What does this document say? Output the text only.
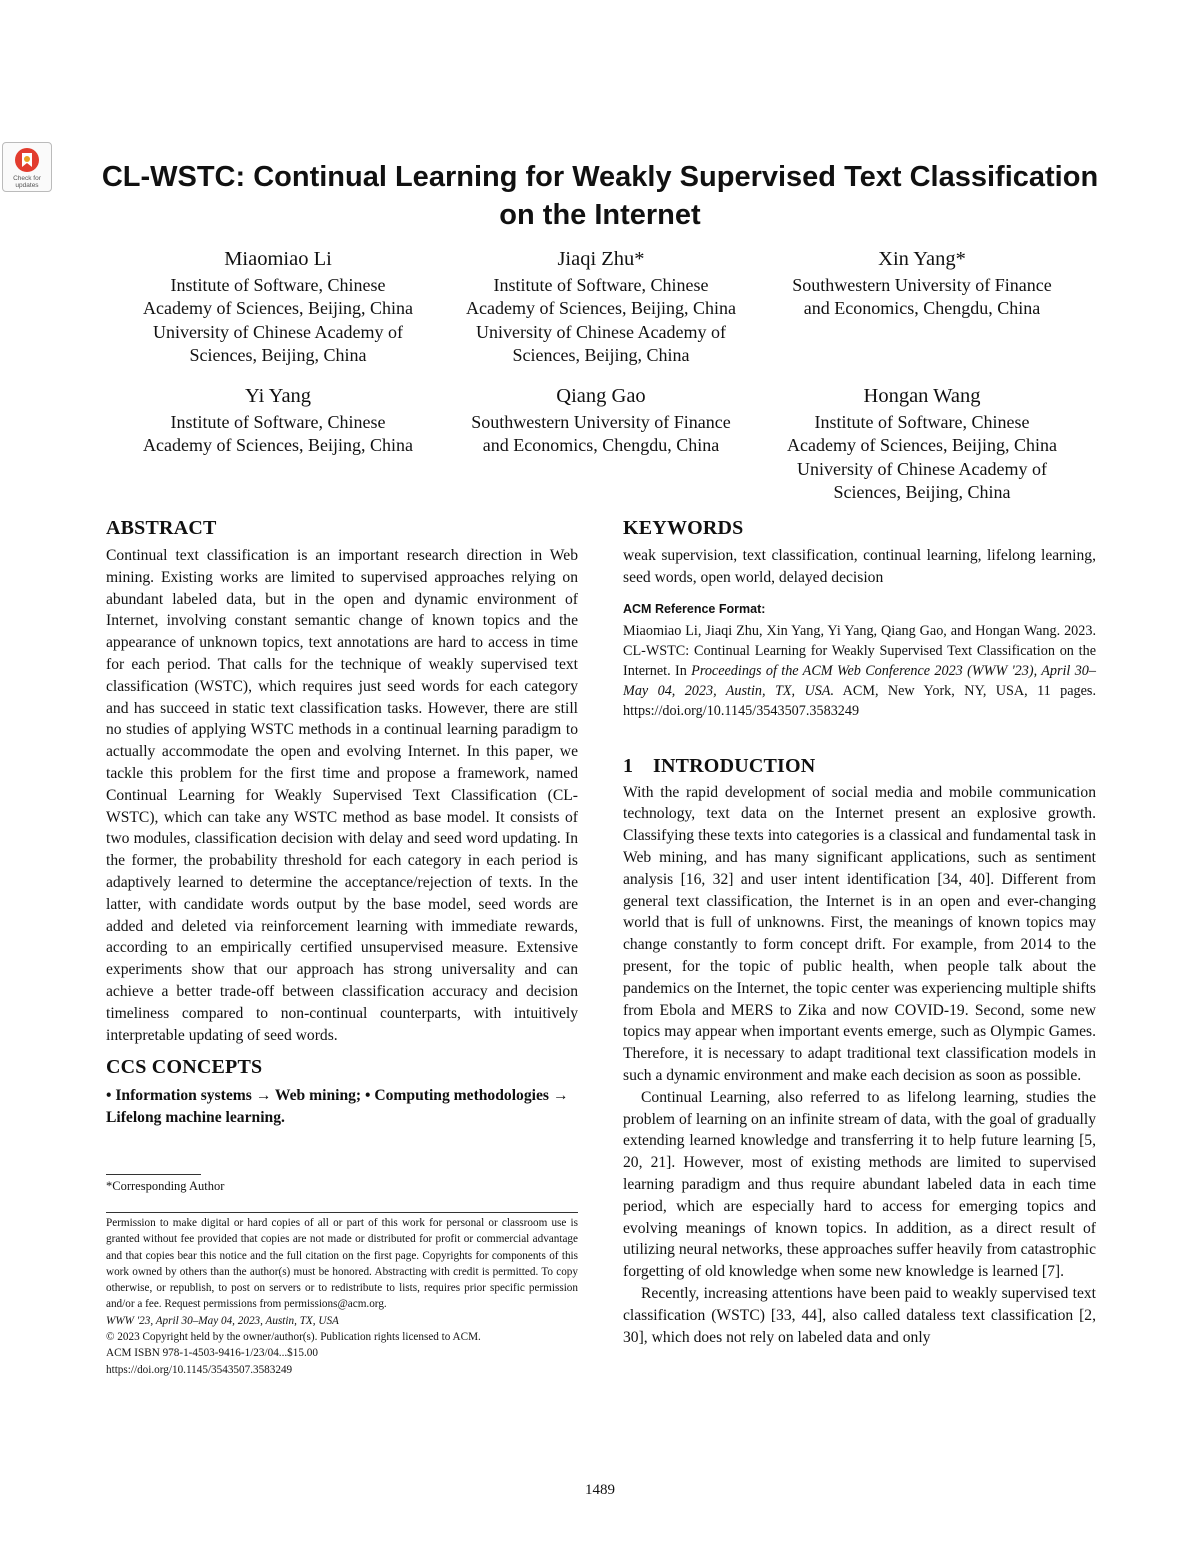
Check for updates	CL-WSTC: Continual Learning for Weakly Supervised Text Classification on the Internet
Miaomiao Li
Institute of Software, Chinese
Academy of Sciences, Beijing, China
University of Chinese Academy of
Sciences, Beijing, China
Jiaqi Zhu*
Institute of Software, Chinese
Academy of Sciences, Beijing, China
University of Chinese Academy of
Sciences, Beijing, China
Xin Yang*
Southwestern University of Finance
and Economics, Chengdu, China
Yi Yang
Institute of Software, Chinese
Academy of Sciences, Beijing, China
Qiang Gao
Southwestern University of Finance
and Economics, Chengdu, China
Hongan Wang
Institute of Software, Chinese
Academy of Sciences, Beijing, China
University of Chinese Academy of
Sciences, Beijing, China
ABSTRACT

Continual text classification is an important research direction in Web mining. Existing works are limited to supervised approaches relying on abundant labeled data, but in the open and dynamic environment of Internet, involving constant semantic change of known topics and the appearance of unknown topics, text annotations are hard to access in time for each period. That calls for the technique of weakly supervised text classification (WSTC), which requires just seed words for each category and has succeed in static text classification tasks. However, there are still no studies of applying WSTC methods in a continual learning paradigm to actually accommodate the open and evolving Internet. In this paper, we tackle this problem for the first time and propose a framework, named Continual Learning for Weakly Supervised Text Classification (CL-WSTC), which can take any WSTC method as base model. It consists of two modules, classification decision with delay and seed word updating. In the former, the probability threshold for each category in each period is adaptively learned to determine the acceptance/rejection of texts. In the latter, with candidate words output by the base model, seed words are added and deleted via reinforcement learning with immediate rewards, according to an empirically certified unsupervised measure. Extensive experiments show that our approach has strong universality and can achieve a better trade-off between classification accuracy and decision timeliness compared to non-continual counterparts, with intuitively interpretable updating of seed words.

CCS CONCEPTS

• Information systems → Web mining; • Computing methodologies → Lifelong machine learning.

*Corresponding Author

Permission to make digital or hard copies of all or part of this work for personal or classroom use is granted without fee provided that copies are not made or distributed for profit or commercial advantage and that copies bear this notice and the full citation on the first page. Copyrights for components of this work owned by others than the author(s) must be honored. Abstracting with credit is permitted. To copy otherwise, or republish, to post on servers or to redistribute to lists, requires prior specific permission and/or a fee. Request permissions from permissions@acm.org.

WWW '23, April 30–May 04, 2023, Austin, TX, USA

© 2023 Copyright held by the owner/author(s). Publication rights licensed to ACM.

ACM ISBN 978-1-4503-9416-1/23/04...$15.00

https://doi.org/10.1145/3543507.3583249

KEYWORDS

weak supervision, text classification, continual learning, lifelong learning, seed words, open world, delayed decision

ACM Reference Format:

Miaomiao Li, Jiaqi Zhu, Xin Yang, Yi Yang, Qiang Gao, and Hongan Wang. 2023. CL-WSTC: Continual Learning for Weakly Supervised Text Classification on the Internet. In Proceedings of the ACM Web Conference 2023 (WWW '23), April 30–May 04, 2023, Austin, TX, USA. ACM, New York, NY, USA, 11 pages. https://doi.org/10.1145/3543507.3583249

1 INTRODUCTION

With the rapid development of social media and mobile communication technology, text data on the Internet present an explosive growth. Classifying these texts into categories is a classical and fundamental task in Web mining, and has many significant applications, such as sentiment analysis [16, 32] and user intent identification [34, 40]. Different from general text classification, the Internet is in an open and ever-changing world that is full of unknowns. First, the meanings of known topics may change constantly to form concept drift. For example, from 2014 to the present, for the topic of public health, when people talk about the pandemics on the Internet, the topic center was experiencing multiple shifts from Ebola and MERS to Zika and now COVID-19. Second, some new topics may appear when important events emerge, such as Olympic Games. Therefore, it is necessary to adapt traditional text classification models in such a dynamic environment and make each decision as soon as possible.

Continual Learning, also referred to as lifelong learning, studies the problem of learning on an infinite stream of data, with the goal of gradually extending learned knowledge and transferring it to help future learning [5, 20, 21]. However, most of existing methods are limited to supervised learning paradigm and thus require abundant labeled data in each time period, which are especially hard to access for emerging topics and evolving meanings of known topics. In addition, as a direct result of utilizing neural networks, these approaches suffer heavily from catastrophic forgetting of old knowledge when some new knowledge is learned [7].

Recently, increasing attentions have been paid to weakly supervised text classification (WSTC) [33, 44], also called dataless text classification [2, 30], which does not rely on labeled data and only

1489
